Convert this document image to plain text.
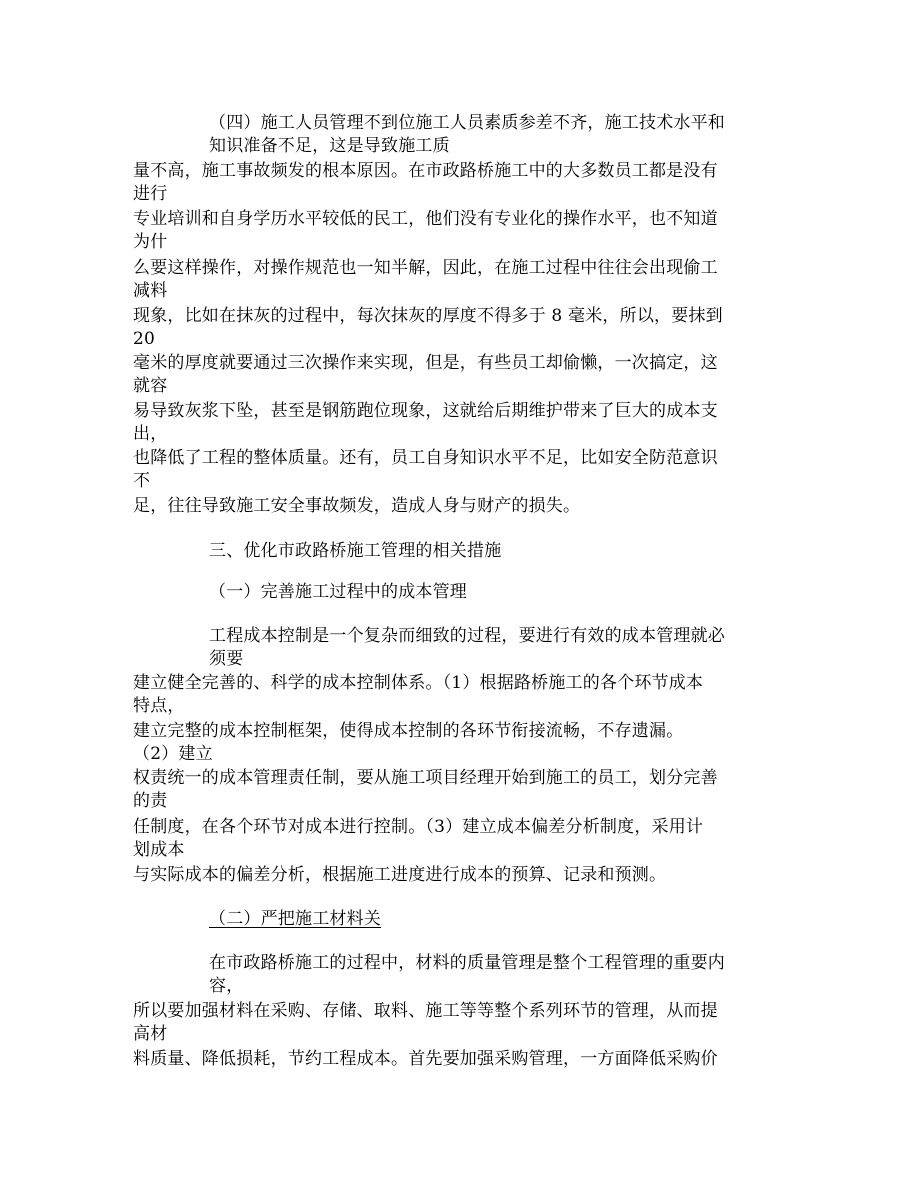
（四）施工人员管理不到位施工人员素质参差不齐，施工技术水平和
知识准备不足，这是导致施工质
量不高，施工事故频发的根本原因。在市政路桥施工中的大多数员工都是没有
进行
专业培训和自身学历水平较低的民工，他们没有专业化的操作水平，也不知道
为什
么要这样操作，对操作规范也一知半解，因此，在施工过程中往往会出现偷工
减料
现象，比如在抹灰的过程中，每次抹灰的厚度不得多于 8 毫米，所以，要抹到
20
毫米的厚度就要通过三次操作来实现，但是，有些员工却偷懒，一次搞定，这
就容
易导致灰浆下坠，甚至是钢筋跑位现象，这就给后期维护带来了巨大的成本支
出，
也降低了工程的整体质量。还有，员工自身知识水平不足，比如安全防范意识
不
足，往往导致施工安全事故频发，造成人身与财产的损失。
三、优化市政路桥施工管理的相关措施
（一）完善施工过程中的成本管理
工程成本控制是一个复杂而细致的过程，要进行有效的成本管理就必
须要
建立健全完善的、科学的成本控制体系。（1）根据路桥施工的各个环节成本
特点，
建立完整的成本控制框架，使得成本控制的各环节衔接流畅，不存遗漏。
（2）建立
权责统一的成本管理责任制，要从施工项目经理开始到施工的员工，划分完善
的责
任制度，在各个环节对成本进行控制。（3）建立成本偏差分析制度，采用计
划成本
与实际成本的偏差分析，根据施工进度进行成本的预算、记录和预测。
（二）严把施工材料关
在市政路桥施工的过程中，材料的质量管理是整个工程管理的重要内
容，
所以要加强材料在采购、存储、取料、施工等等整个系列环节的管理，从而提
高材
料质量、降低损耗，节约工程成本。首先要加强采购管理，一方面降低采购价
